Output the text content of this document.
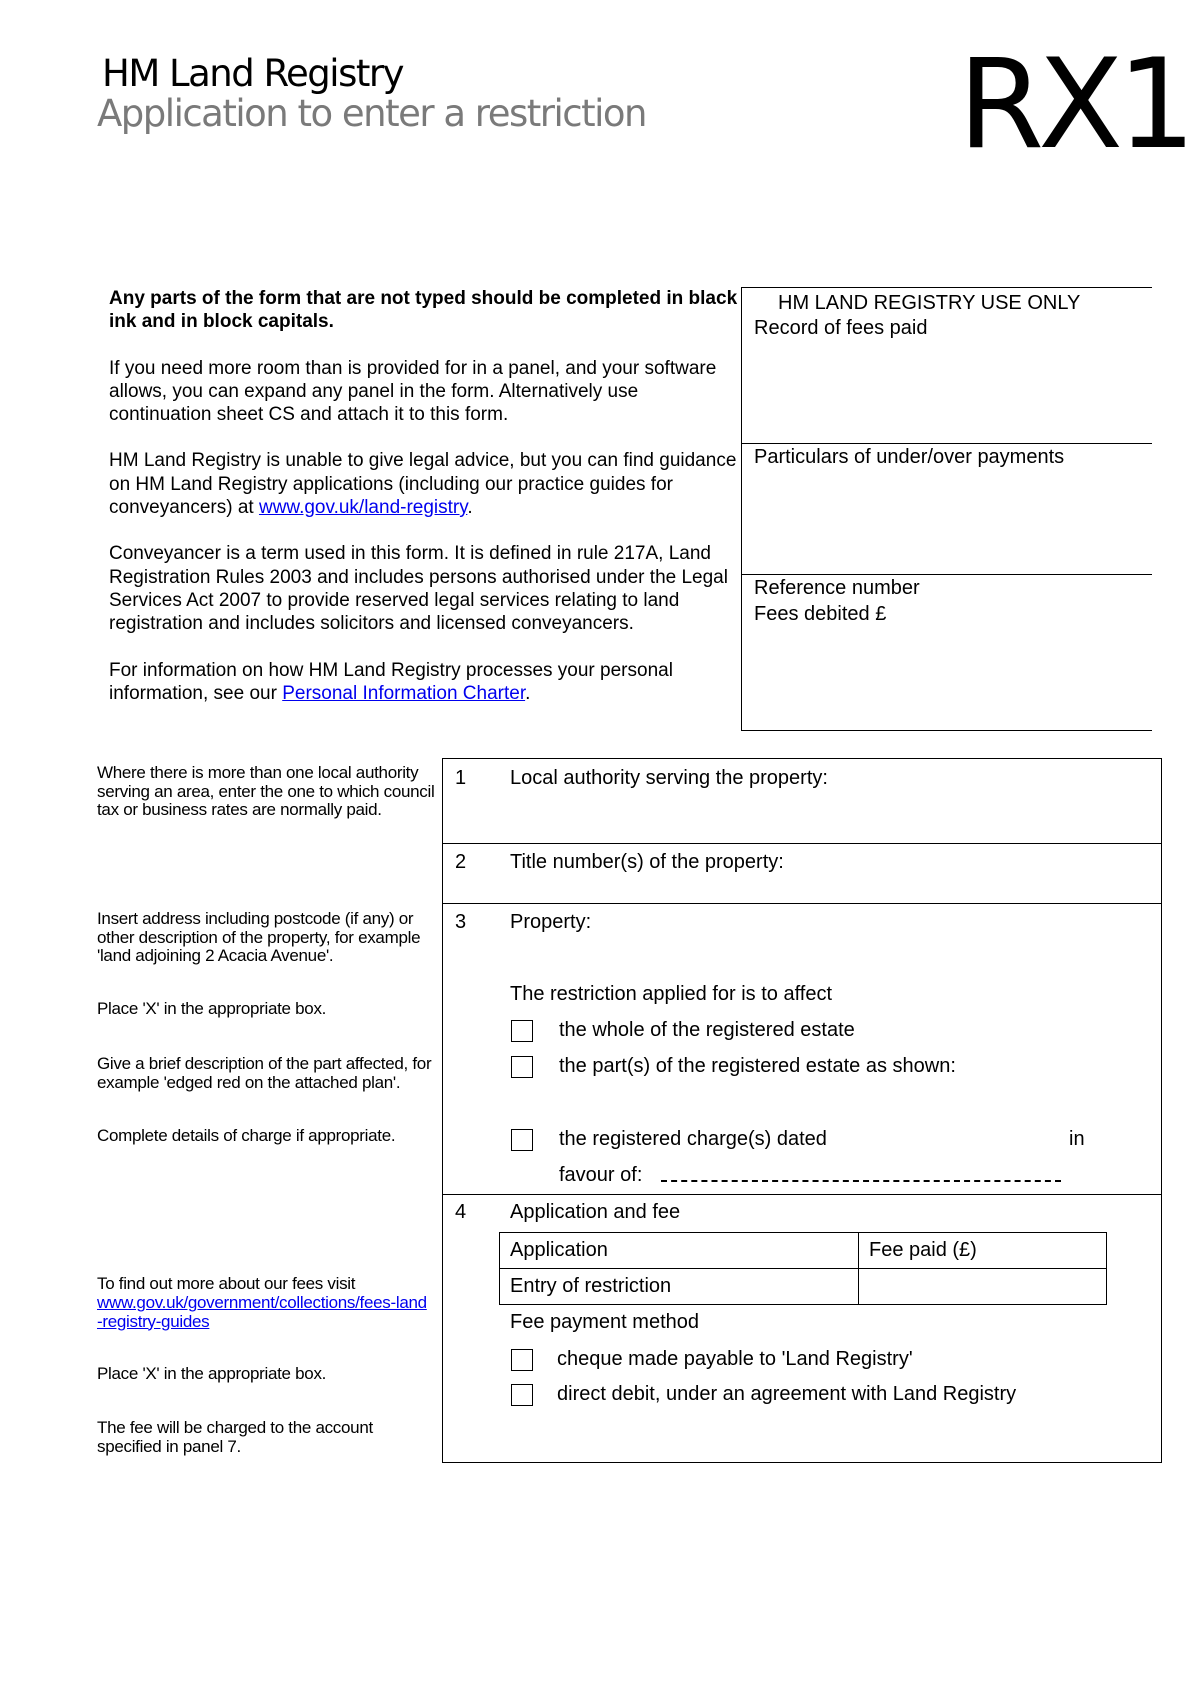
HM Land Registry
Application to enter a restriction	RX1

Any parts of the form that are not typed should be completed in black ink and in block capitals.

If you need more room than is provided for in a panel, and your software allows, you can expand any panel in the form. Alternatively use continuation sheet CS and attach it to this form.

HM Land Registry is unable to give legal advice, but you can find guidance on HM Land Registry applications (including our practice guides for conveyancers) at www.gov.uk/land-registry.

Conveyancer is a term used in this form. It is defined in rule 217A, Land Registration Rules 2003 and includes persons authorised under the Legal Services Act 2007 to provide reserved legal services relating to land registration and includes solicitors and licensed conveyancers.

For information on how HM Land Registry processes your personal information, see our Personal Information Charter.

HM LAND REGISTRY USE ONLY
Record of fees paid
Particulars of under/over payments
Reference number
Fees debited £
Where there is more than one local authority serving an area, enter the one to which council tax or business rates are normally paid.
Insert address including postcode (if any) or other description of the property, for example 'land adjoining 2 Acacia Avenue'.
Place 'X' in the appropriate box.
Give a brief description of the part affected, for example 'edged red on the attached plan'.
Complete details of charge if appropriate.
To find out more about our fees visit
www.gov.uk/government/collections/fees-land-registry-guides
Place 'X' in the appropriate box.
The fee will be charged to the account specified in panel 7.
1 Local authority serving the property:
2 Title number(s) of the property:
3 Property:
The restriction applied for is to affect
the whole of the registered estate
the part(s) of the registered estate as shown:
the registered charge(s) dated	in
favour of:
4 Application and fee
Application	Fee paid (£)
Entry of restriction	
Fee payment method
cheque made payable to 'Land Registry'
direct debit, under an agreement with Land Registry
